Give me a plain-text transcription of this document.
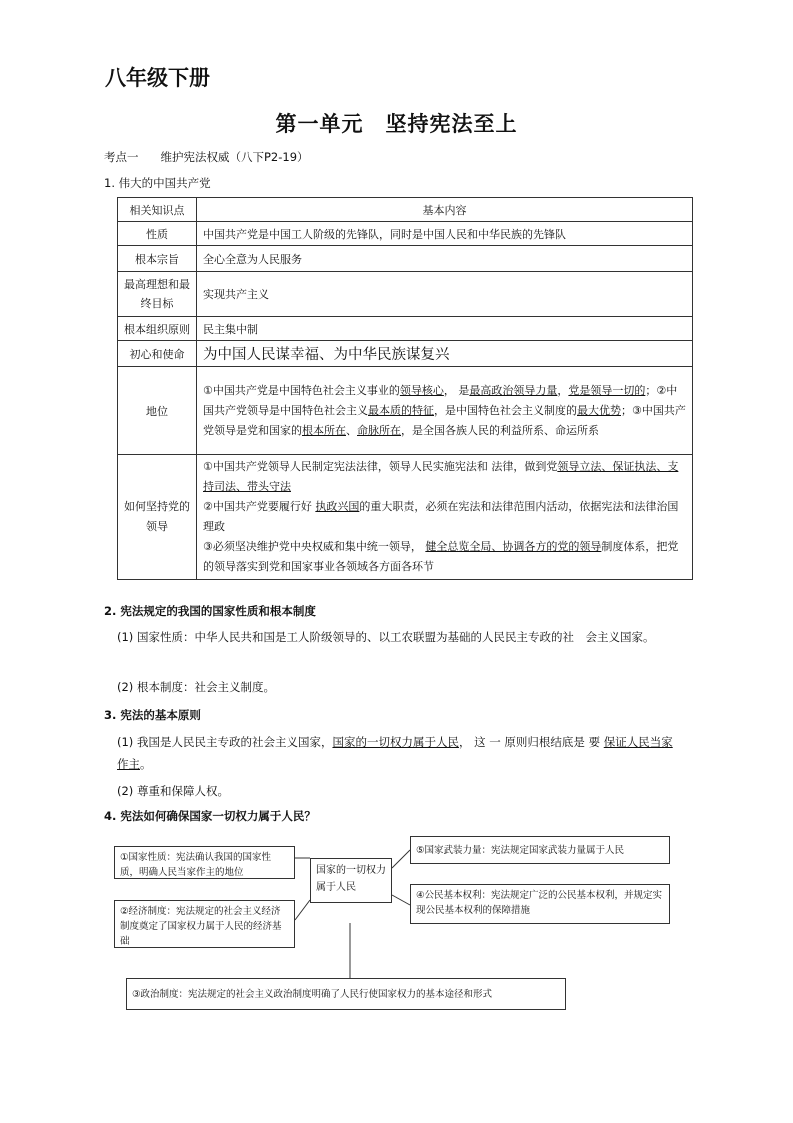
八年级下册
第一单元　坚持宪法至上
考点一 维护宪法权威（八下P2-19）
1. 伟大的中国共产党
相关知识点	基本内容
性质	中国共产党是中国工人阶级的先锋队，同时是中国人民和中华民族的先锋队
根本宗旨	全心全意为人民服务
最高理想和最终目标	实现共产主义
根本组织原则	民主集中制
初心和使命	为中国人民谋幸福、为中华民族谋复兴
地位	①中国共产党是中国特色社会主义事业的领导核心， 是最高政治领导力量，党是领导一切的；②中国共产党领导是中国特色社会主义最本质的特征，是中国特色社会主义制度的最大优势；③中国共产党领导是党和国家的根本所在、命脉所在，是全国各族人民的利益所系、命运所系
如何坚持党的领导	①中国共产党领导人民制定宪法法律，领导人民实施宪法和 法律，做到党领导立法、保证执法、支持司法、带头守法
②中国共产党要履行好 执政兴国的重大职责，必须在宪法和法律范围内活动，依据宪法和法律治国理政
③必须坚决维护党中央权威和集中统一领导， 健全总览全局、协调各方的党的领导制度体系，把党的领导落实到党和国家事业各领域各方面各环节
2. 宪法规定的我国的国家性质和根本制度
(1) 国家性质：中华人民共和国是工人阶级领导的、以工农联盟为基础的人民民主专政的社　会主义国家。
(2) 根本制度：社会主义制度。
3. 宪法的基本原则
(1) 我国是人民民主专政的社会主义国家，国家的一切权力属于人民， 这 一 原则归根结底是 要 保证人民当家作主。
(2) 尊重和保障人权。
4. 宪法如何确保国家一切权力属于人民？
国家的一切权力属于人民
①国家性质：宪法确认我国的国家性质，明确人民当家作主的地位
②经济制度：宪法规定的社会主义经济制度奠定了国家权力属于人民的经济基础
⑤国家武装力量：宪法规定国家武装力量属于人民
④公民基本权利：宪法规定广泛的公民基本权利，并规定实现公民基本权利的保障措施
③政治制度：宪法规定的社会主义政治制度明确了人民行使国家权力的基本途径和形式
